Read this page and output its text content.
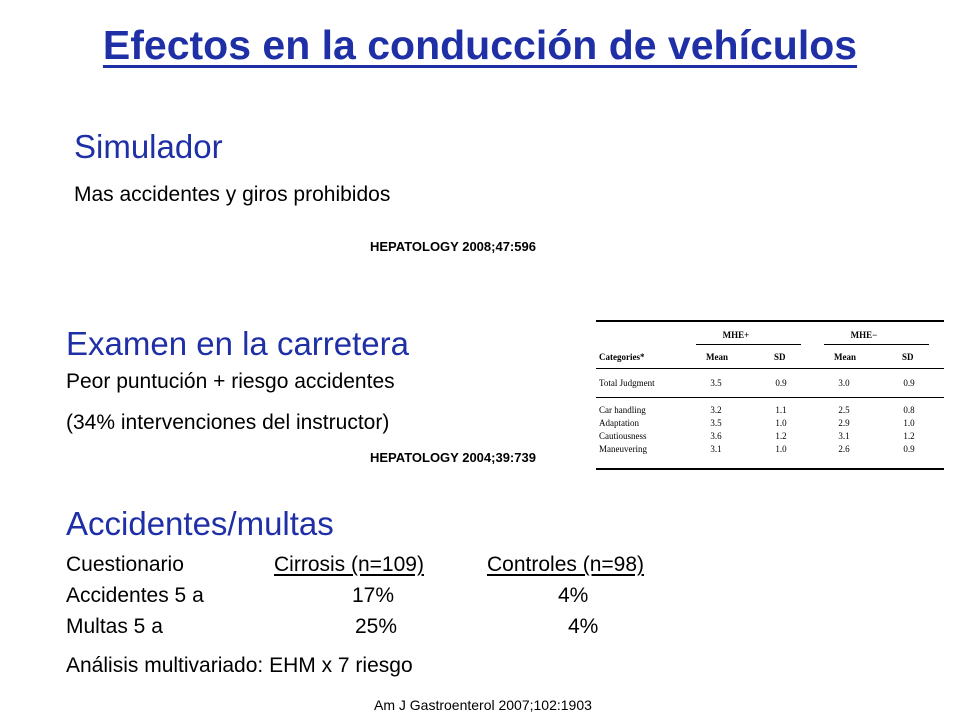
Efectos en la conducción de vehículos
Simulador
Mas accidentes y giros prohibidos
HEPATOLOGY 2008;47:596
Examen en la carretera
Peor puntución + riesgo accidentes
(34% intervenciones del instructor)
HEPATOLOGY 2004;39:739
MHE+	MHE−
Categories*	Mean	SD	Mean	SD
Total Judgment	3.5	0.9	3.0	0.9
Car handling	3.2	1.1	2.5	0.8
Adaptation	3.5	1.0	2.9	1.0
Cautiousness	3.6	1.2	3.1	1.2
Maneuvering	3.1	1.0	2.6	0.9
Accidentes/multas
Cuestionario	Cirrosis (n=109)	Controles (n=98)
Accidentes 5 a	17%	4%
Multas 5 a	25%	4%
Análisis multivariado: EHM x 7 riesgo
Am J Gastroenterol 2007;102:1903
